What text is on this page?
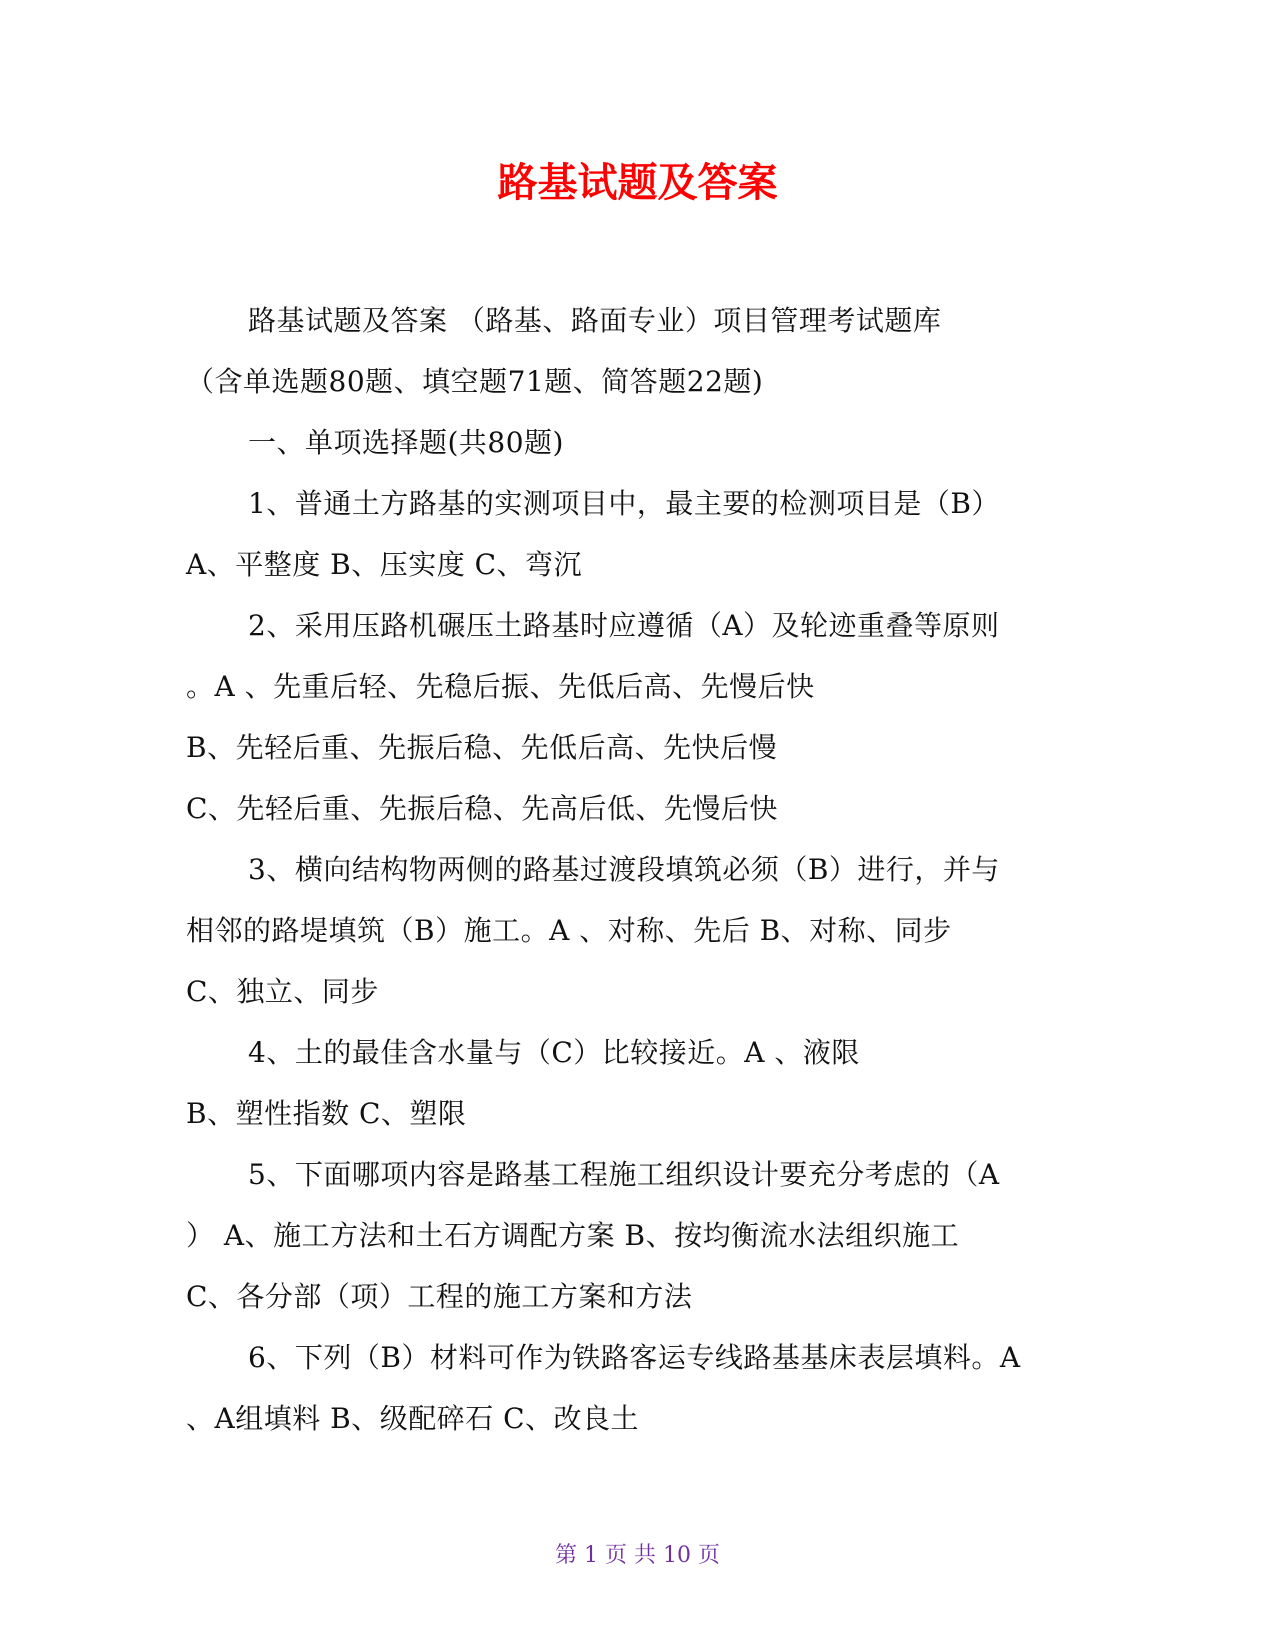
路基试题及答案
路基试题及答案 （路基、路面专业）项目管理考试题库
（含单选题80题、填空题71题、简答题22题)
一、单项选择题(共80题)
1、普通土方路基的实测项目中，最主要的检测项目是（B）
A、平整度 B、压实度 C、弯沉
2、采用压路机碾压土路基时应遵循（A）及轮迹重叠等原则
。A 、先重后轻、先稳后振、先低后高、先慢后快
B、先轻后重、先振后稳、先低后高、先快后慢
C、先轻后重、先振后稳、先高后低、先慢后快
3、横向结构物两侧的路基过渡段填筑必须（B）进行，并与
相邻的路堤填筑（B）施工。A 、对称、先后 B、对称、同步
C、独立、同步
4、土的最佳含水量与（C）比较接近。A 、液限
B、塑性指数 C、塑限
5、下面哪项内容是路基工程施工组织设计要充分考虑的（A
） A、施工方法和土石方调配方案 B、按均衡流水法组织施工
C、各分部（项）工程的施工方案和方法
6、下列（B）材料可作为铁路客运专线路基基床表层填料。A
、A组填料 B、级配碎石 C、改良土
第 1 页 共 10 页
